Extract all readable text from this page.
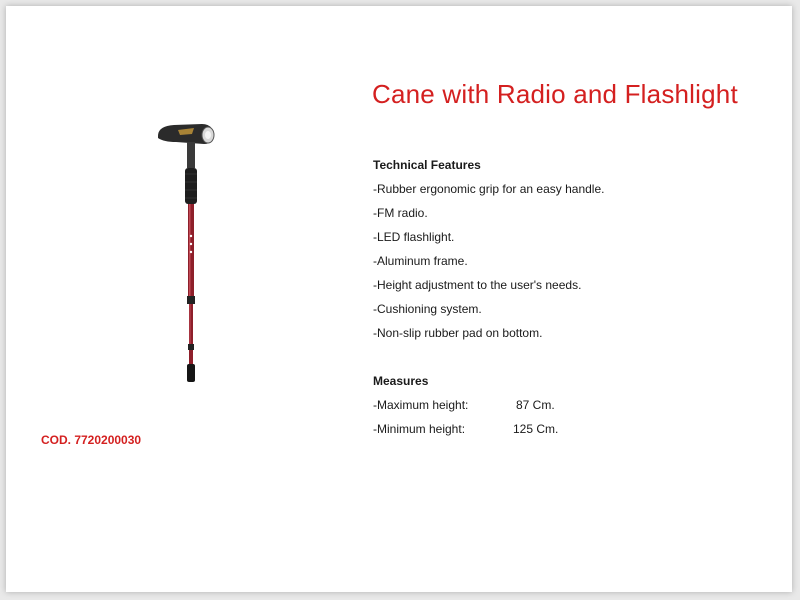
COD. 7720200030
Cane with Radio and Flashlight
Technical Features
-Rubber ergonomic grip for an easy handle.
-FM radio.
-LED flashlight.
-Aluminum frame.
-Height adjustment to the user's needs.
-Cushioning system.
-Non-slip rubber pad on bottom.
Measures
-Maximum height:	87 Cm.
-Minimum height:	125 Cm.
